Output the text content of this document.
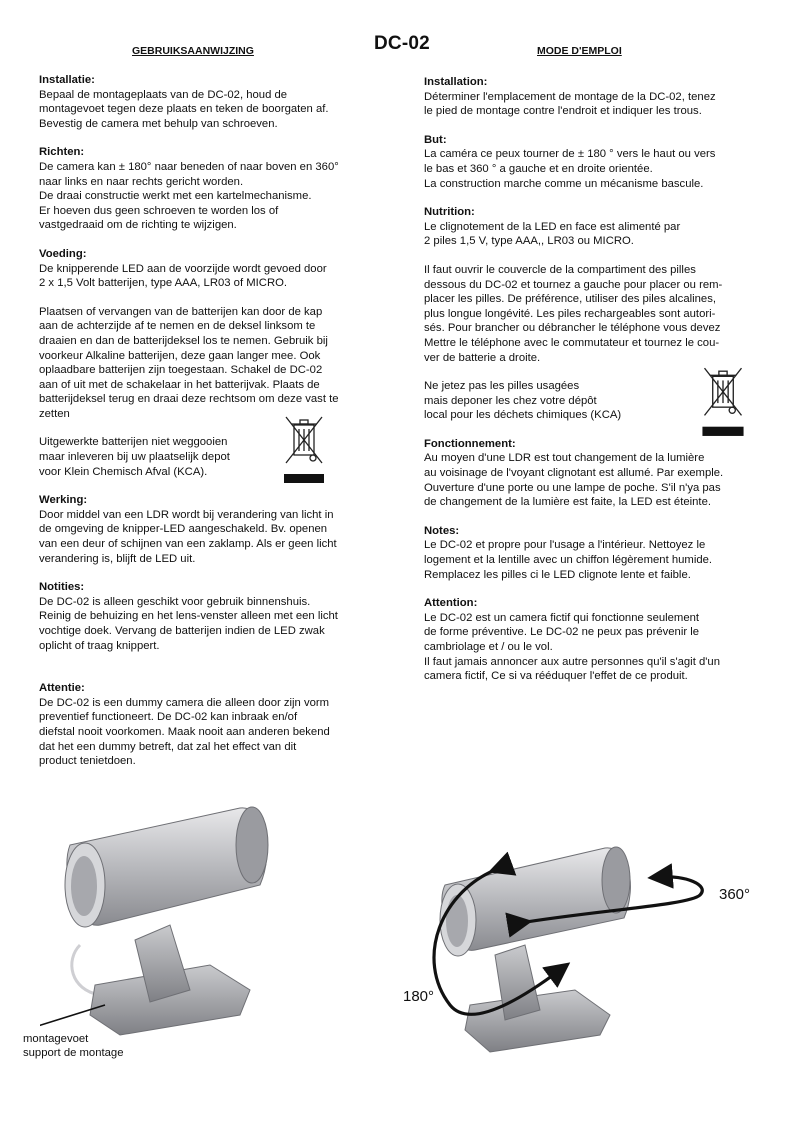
DC-02
GEBRUIKSAANWIJZING	MODE D'EMPLOI

Installatie:

Bepaal de montageplaats van de DC-02, houd de
montagevoet tegen deze plaats en teken de boorgaten af.
Bevestig de camera met behulp van schroeven.

Richten:

De camera kan ± 180° naar beneden of naar boven en 360°
naar links en naar rechts gericht worden.
De draai constructie werkt met een kartelmechanisme.
Er hoeven dus geen schroeven te worden los of
vastgedraaid om de richting te wijzigen.

Voeding:

De knipperende LED aan de voorzijde wordt gevoed door
2 x 1,5 Volt batterijen, type AAA, LR03 of MICRO.

Plaatsen of vervangen van de batterijen kan door de kap
aan de achterzijde af te nemen en de deksel linksom te
draaien en dan de batterijdeksel los te nemen. Gebruik bij
voorkeur Alkaline batterijen, deze gaan langer mee. Ook
oplaadbare batterijen zijn toegestaan. Schakel de DC-02
aan of uit met de schakelaar in het batterijvak. Plaats de
batterijdeksel terug en draai deze rechtsom om deze vast te
zetten

Uitgewerkte batterijen niet weggooien
maar inleveren bij uw plaatselijk depot
voor Klein Chemisch Afval (KCA).

Werking:

Door middel van een LDR wordt bij verandering van licht in
de omgeving de knipper-LED aangeschakeld. Bv. openen
van een deur of schijnen van een zaklamp. Als er geen licht
verandering is, blijft de LED uit.

Notities:

De DC-02 is alleen geschikt voor gebruik binnenshuis.
Reinig de behuizing en het lens-venster alleen met een licht
vochtige doek. Vervang de batterijen indien de LED zwak
oplicht of traag knippert.

Attentie:

De DC-02 is een dummy camera die alleen door zijn vorm
preventief functioneert. De DC-02 kan inbraak en/of
diefstal nooit voorkomen. Maak nooit aan anderen bekend
dat het een dummy betreft, dat zal het effect van dit
product tenietdoen.

Installation:

Déterminer l'emplacement de montage de la DC-02, tenez
le pied de montage contre l'endroit et indiquer les trous.

But:

La caméra ce peux tourner de ± 180 ° vers le haut ou vers
le bas et 360 ° a gauche et en droite orientée.
La construction marche comme un mécanisme bascule.

Nutrition:

Le clignotement de la LED en face est alimenté par
2 piles 1,5 V, type AAA,, LR03 ou MICRO.

Il faut ouvrir le couvercle de la compartiment des pilles
dessous du DC-02 et tournez a gauche pour placer ou rem-
placer les pilles. De préférence, utiliser des piles alcalines,
plus longue longévité. Les piles rechargeables sont autori-
sés. Pour brancher ou débrancher le téléphone vous devez
Mettre le téléphone avec le commutateur et tournez le cou-
ver de batterie a droite.

Ne jetez pas les pilles usagées
mais deponer les chez votre dépôt
local pour les déchets chimiques (KCA)

Fonctionnement:

Au moyen d'une LDR est tout changement de la lumière
au voisinage de l'voyant clignotant est allumé. Par exemple.
Ouverture d'une porte ou une lampe de poche. S'il n'ya pas
de changement de la lumière est faite, la LED est éteinte.

Notes:

Le DC-02 et propre pour l'usage a l'intérieur. Nettoyez le
logement et la lentille avec un chiffon légèrement humide.
Remplacez les pilles ci le LED clignote lente et faible.

Attention:

Le DC-02 est un camera fictif qui fonctionne seulement
de forme préventive. Le DC-02 ne peux pas prévenir le
cambriolage et / ou le vol.
Il faut jamais annoncer aux autre personnes qu'il s'agit d'un
camera fictif, Ce si va rééduquer l'effet de ce produit.

montagevoet
support de montage
360°
180°
